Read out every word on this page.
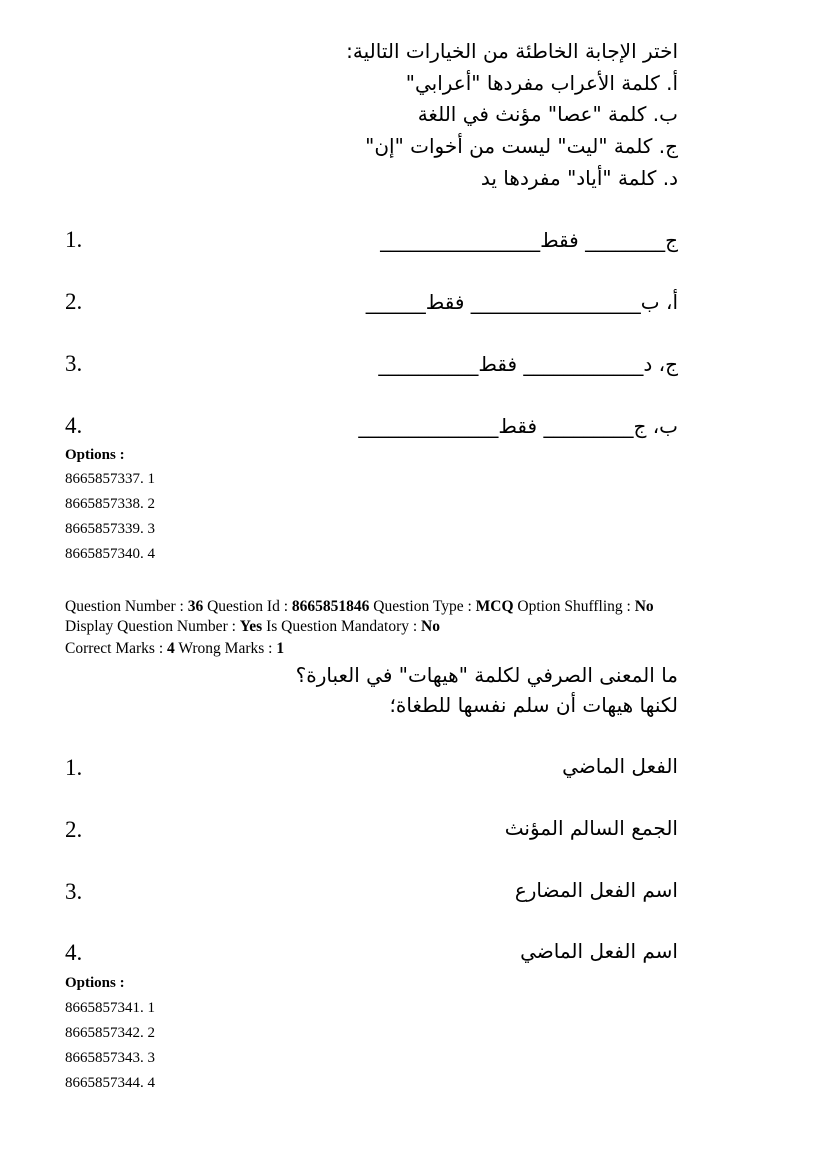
اختر الإجابة الخاطئة من الخيارات التالية:
أ. كلمة الأعراب مفردها "أعرابي"
ب. كلمة "عصا" مؤنث في اللغة
ج. كلمة "ليت" ليست من أخوات "إن"
د. كلمة "أياد" مفردها يد
1.	ج________ فقط________________
2.	أ، ب_________________ فقط______
3.	ج، د____________ فقط__________
4.	ب، ج_________ فقط______________
Options :
8665857337. 1
8665857338. 2
8665857339. 3
8665857340. 4
Question Number : 36 Question Id : 8665851846 Question Type : MCQ Option Shuffling : No
Display Question Number : Yes Is Question Mandatory : No
Correct Marks : 4 Wrong Marks : 1
ما المعنى الصرفي لكلمة "هيهات" في العبارة؟
لكنها هيهات أن سلم نفسها للطغاة؛
1.	الفعل الماضي
2.	الجمع السالم المؤنث
3.	اسم الفعل المضارع
4.	اسم الفعل الماضي
Options :
8665857341. 1
8665857342. 2
8665857343. 3
8665857344. 4
